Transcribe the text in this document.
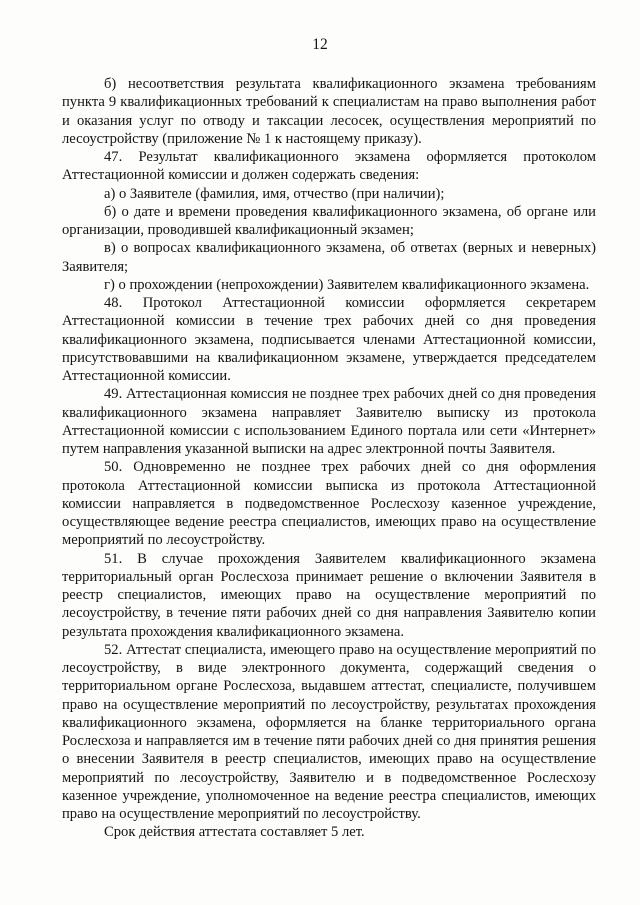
12

б) несоответствия результата квалификационного экзамена требованиям пункта 9 квалификационных требований к специалистам на право выполнения работ и оказания услуг по отводу и таксации лесосек, осуществления мероприятий по лесоустройству (приложение № 1 к настоящему приказу).

47. Результат квалификационного экзамена оформляется протоколом Аттестационной комиссии и должен содержать сведения:

а) о Заявителе (фамилия, имя, отчество (при наличии);

б) о дате и времени проведения квалификационного экзамена, об органе или организации, проводившей квалификационный экзамен;

в) о вопросах квалификационного экзамена, об ответах (верных и неверных) Заявителя;

г) о прохождении (непрохождении) Заявителем квалификационного экзамена.

48. Протокол Аттестационной комиссии оформляется секретарем Аттестационной комиссии в течение трех рабочих дней со дня проведения квалификационного экзамена, подписывается членами Аттестационной комиссии, присутствовавшими на квалификационном экзамене, утверждается председателем Аттестационной комиссии.

49. Аттестационная комиссия не позднее трех рабочих дней со дня проведения квалификационного экзамена направляет Заявителю выписку из протокола Аттестационной комиссии с использованием Единого портала или сети «Интернет» путем направления указанной выписки на адрес электронной почты Заявителя.

50. Одновременно не позднее трех рабочих дней со дня оформления протокола Аттестационной комиссии выписка из протокола Аттестационной комиссии направляется в подведомственное Рослесхозу казенное учреждение, осуществляющее ведение реестра специалистов, имеющих право на осуществление мероприятий по лесоустройству.

51. В случае прохождения Заявителем квалификационного экзамена территориальный орган Рослесхоза принимает решение о включении Заявителя в реестр специалистов, имеющих право на осуществление мероприятий по лесоустройству, в течение пяти рабочих дней со дня направления Заявителю копии результата прохождения квалификационного экзамена.

52. Аттестат специалиста, имеющего право на осуществление мероприятий по лесоустройству, в виде электронного документа, содержащий сведения о территориальном органе Рослесхоза, выдавшем аттестат, специалисте, получившем право на осуществление мероприятий по лесоустройству, результатах прохождения квалификационного экзамена, оформляется на бланке территориального органа Рослесхоза и направляется им в течение пяти рабочих дней со дня принятия решения о внесении Заявителя в реестр специалистов, имеющих право на осуществление мероприятий по лесоустройству, Заявителю и в подведомственное Рослесхозу казенное учреждение, уполномоченное на ведение реестра специалистов, имеющих право на осуществление мероприятий по лесоустройству.

Срок действия аттестата составляет 5 лет.
